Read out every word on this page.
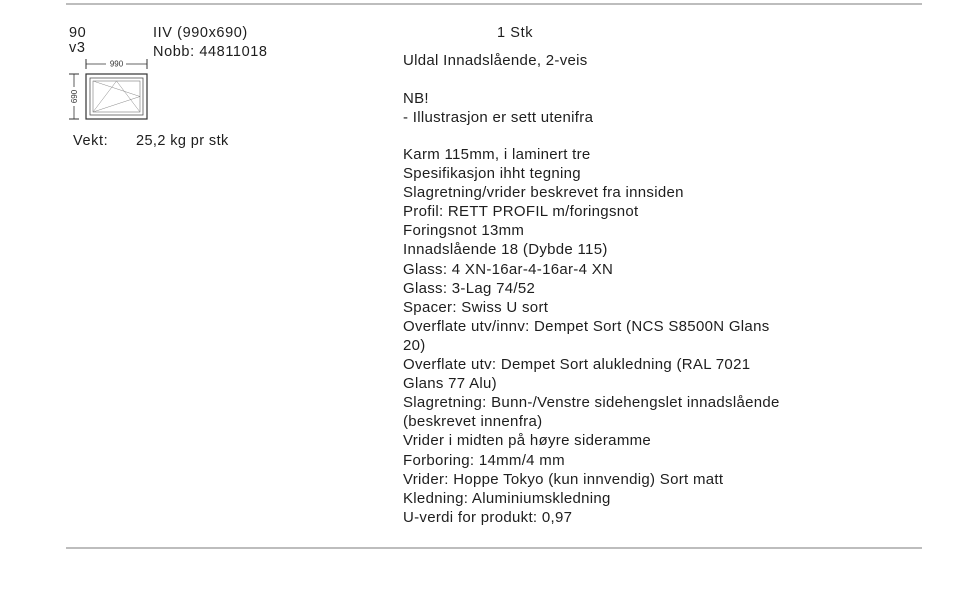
90
v3
IIV (990x690)
Nobb: 44811018
1 Stk
990
690
Vekt: 25,2 kg pr stk
Uldal Innadslående, 2-veis
NB!
- Illustrasjon er sett utenifra
Karm 115mm, i laminert tre
Spesifikasjon ihht tegning
Slagretning/vrider beskrevet fra innsiden
Profil: RETT PROFIL m/foringsnot
Foringsnot 13mm
Innadslående 18 (Dybde 115)
Glass: 4 XN-16ar-4-16ar-4 XN
Glass: 3-Lag 74/52
Spacer: Swiss U sort
Overflate utv/innv: Dempet Sort (NCS S8500N Glans
20)
Overflate utv: Dempet Sort alukledning (RAL 7021
Glans 77 Alu)
Slagretning: Bunn-/Venstre sidehengslet innadslående
(beskrevet innenfra)
Vrider i midten på høyre sideramme
Forboring: 14mm/4 mm
Vrider: Hoppe Tokyo (kun innvendig) Sort matt
Kledning: Aluminiumskledning
U-verdi for produkt: 0,97
